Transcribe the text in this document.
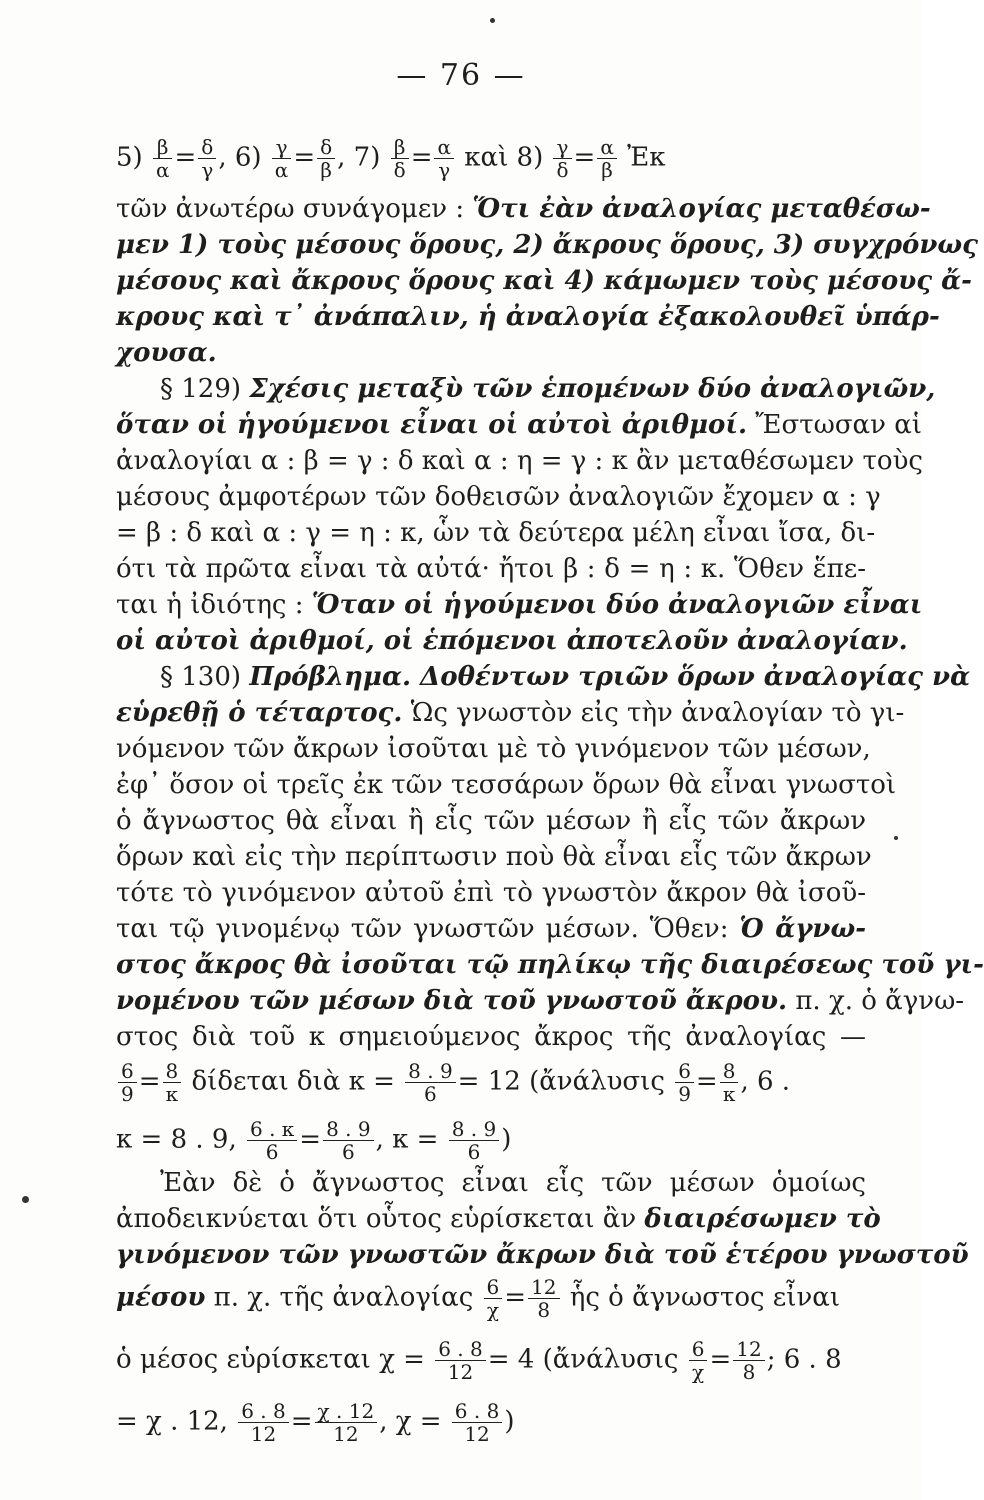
— 76 —
$5) \frac{\beta}{\alpha} = \frac{\delta}{\gamma}$ , $6) \frac{\gamma}{\alpha} = \frac{\delta}{\beta}$ , $7) \frac{\beta}{\delta} = \frac{\alpha}{\gamma}$ καὶ $8) \frac{\gamma}{\delta} = \frac{\alpha}{\beta}$ Ἐκ
τῶν ἀνωτέρω συνάγομεν : Ὅτι ἐὰν ἀναλογίας μεταθέσω-
μεν 1) τοὺς μέσους ὅρους, 2) ἄκρους ὅρους, 3) συγχρόνως
μέσους καὶ ἄκρους ὅρους καὶ 4) κάμωμεν τοὺς μέσους ἄ-
κρους καὶ τ᾽ ἀνάπαλιν, ἡ ἀναλογία ἐξακολουθεῖ ὑπάρ-
χουσα.
§ 129) Σχέσις μεταξὺ τῶν ἑπομένων δύο ἀναλογιῶν,
ὅταν οἱ ἡγούμενοι εἶναι οἱ αὐτοὶ ἀριθμοί. Ἔστωσαν αἱ
ἀναλογίαι α : β = γ : δ καὶ α : η = γ : κ ἂν μεταθέσωμεν τοὺς
μέσους ἀμφοτέρων τῶν δοθεισῶν ἀναλογιῶν ἔχομεν α : γ
= β : δ καὶ α : γ = η : κ, ὧν τὰ δεύτερα μέλη εἶναι ἴσα, δι-
ότι τὰ πρῶτα εἶναι τὰ αὐτά· ἤτοι β : δ = η : κ. Ὅθεν ἕπε-
ται ἡ ἰδιότης : Ὅταν οἱ ἡγούμενοι δύο ἀναλογιῶν εἶναι
οἱ αὐτοὶ ἀριθμοί, οἱ ἑπόμενοι ἀποτελοῦν ἀναλογίαν.
§ 130) Πρόβλημα. Δοθέντων τριῶν ὅρων ἀναλογίας νὰ
εὑρεθῇ ὁ τέταρτος. Ὡς γνωστὸν εἰς τὴν ἀναλογίαν τὸ γι-
νόμενον τῶν ἄκρων ἰσοῦται μὲ τὸ γινόμενον τῶν μέσων,
ἐφ᾽ ὅσον οἱ τρεῖς ἐκ τῶν τεσσάρων ὅρων θὰ εἶναι γνωστοὶ
ὁ ἄγνωστος θὰ εἶναι ἢ εἷς τῶν μέσων ἢ εἷς τῶν ἄκρων
ὅρων καὶ εἰς τὴν περίπτωσιν ποὺ θὰ εἶναι εἷς τῶν ἄκρων
τότε τὸ γινόμενον αὐτοῦ ἐπὶ τὸ γνωστὸν ἄκρον θὰ ἰσοῦ-
ται τῷ γινομένῳ τῶν γνωστῶν μέσων. Ὅθεν: Ὁ ἄγνω-
στος ἄκρος θὰ ἰσοῦται τῷ πηλίκῳ τῆς διαιρέσεως τοῦ γι-
νομένου τῶν μέσων διὰ τοῦ γνωστοῦ ἄκρου. π. χ. ὁ ἄγνω-
στος διὰ τοῦ κ σημειούμενος ἄκρος τῆς ἀναλογίας —
$\frac{6}{9} = \frac{8}{\kappa}$ δίδεται διὰ $\kappa = \frac{8 . 9}{6} = 12$ (ἄνάλυσις $\frac{6}{9} = \frac{8}{\kappa}$ , 6 .
κ = 8 . 9, $\frac{6 . \kappa}{6} = \frac{8 . 9}{6}$ , $\kappa = \frac{8 . 9}{6}$ )
Ἐὰν δὲ ὁ ἄγνωστος εἶναι εἷς τῶν μέσων ὁμοίως
ἀποδεικνύεται ὅτι οὗτος εὑρίσκεται ἂν διαιρέσωμεν τὸ
γινόμενον τῶν γνωστῶν ἄκρων διὰ τοῦ ἑτέρου γνωστοῦ
μέσου π. χ. τῆς ἀναλογίας $\frac{6}{\chi} = \frac{12}{8}$ ἧς ὁ ἄγνωστος εἶναι
ὁ μέσος εὑρίσκεται $\chi = \frac{6 . 8}{12} = 4$ (ἄνάλυσις $\frac{6}{\chi} = \frac{12}{8}$ ; 6 . 8
= χ . 12, $\frac{6 . 8}{12} = \frac{\chi . 12}{12}$ , $\chi = \frac{6 . 8}{12}$ )
